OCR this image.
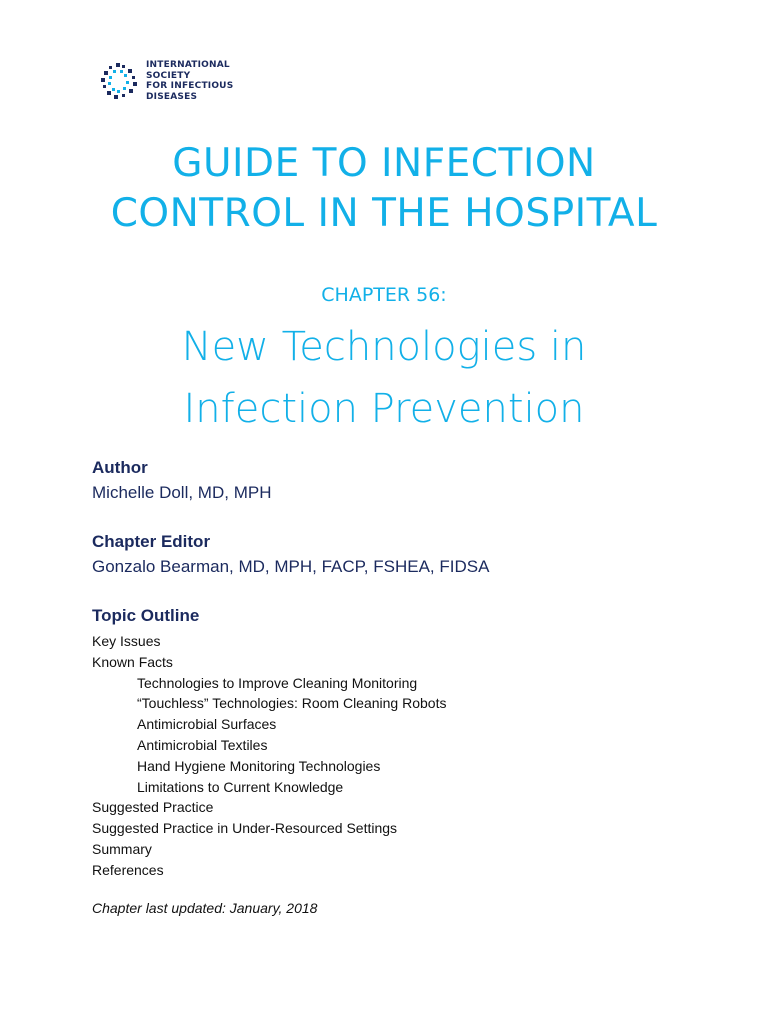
INTERNATIONAL
SOCIETY
FOR INFECTIOUS
DISEASES
GUIDE TO INFECTION
CONTROL IN THE HOSPITAL
CHAPTER 56:
New Technologies in
Infection Prevention
Author
Michelle Doll, MD, MPH
Chapter Editor
Gonzalo Bearman, MD, MPH, FACP, FSHEA, FIDSA
Topic Outline
Key Issues
Known Facts
Technologies to Improve Cleaning Monitoring
“Touchless” Technologies: Room Cleaning Robots
Antimicrobial Surfaces
Antimicrobial Textiles
Hand Hygiene Monitoring Technologies
Limitations to Current Knowledge
Suggested Practice
Suggested Practice in Under-Resourced Settings
Summary
References
Chapter last updated: January, 2018
